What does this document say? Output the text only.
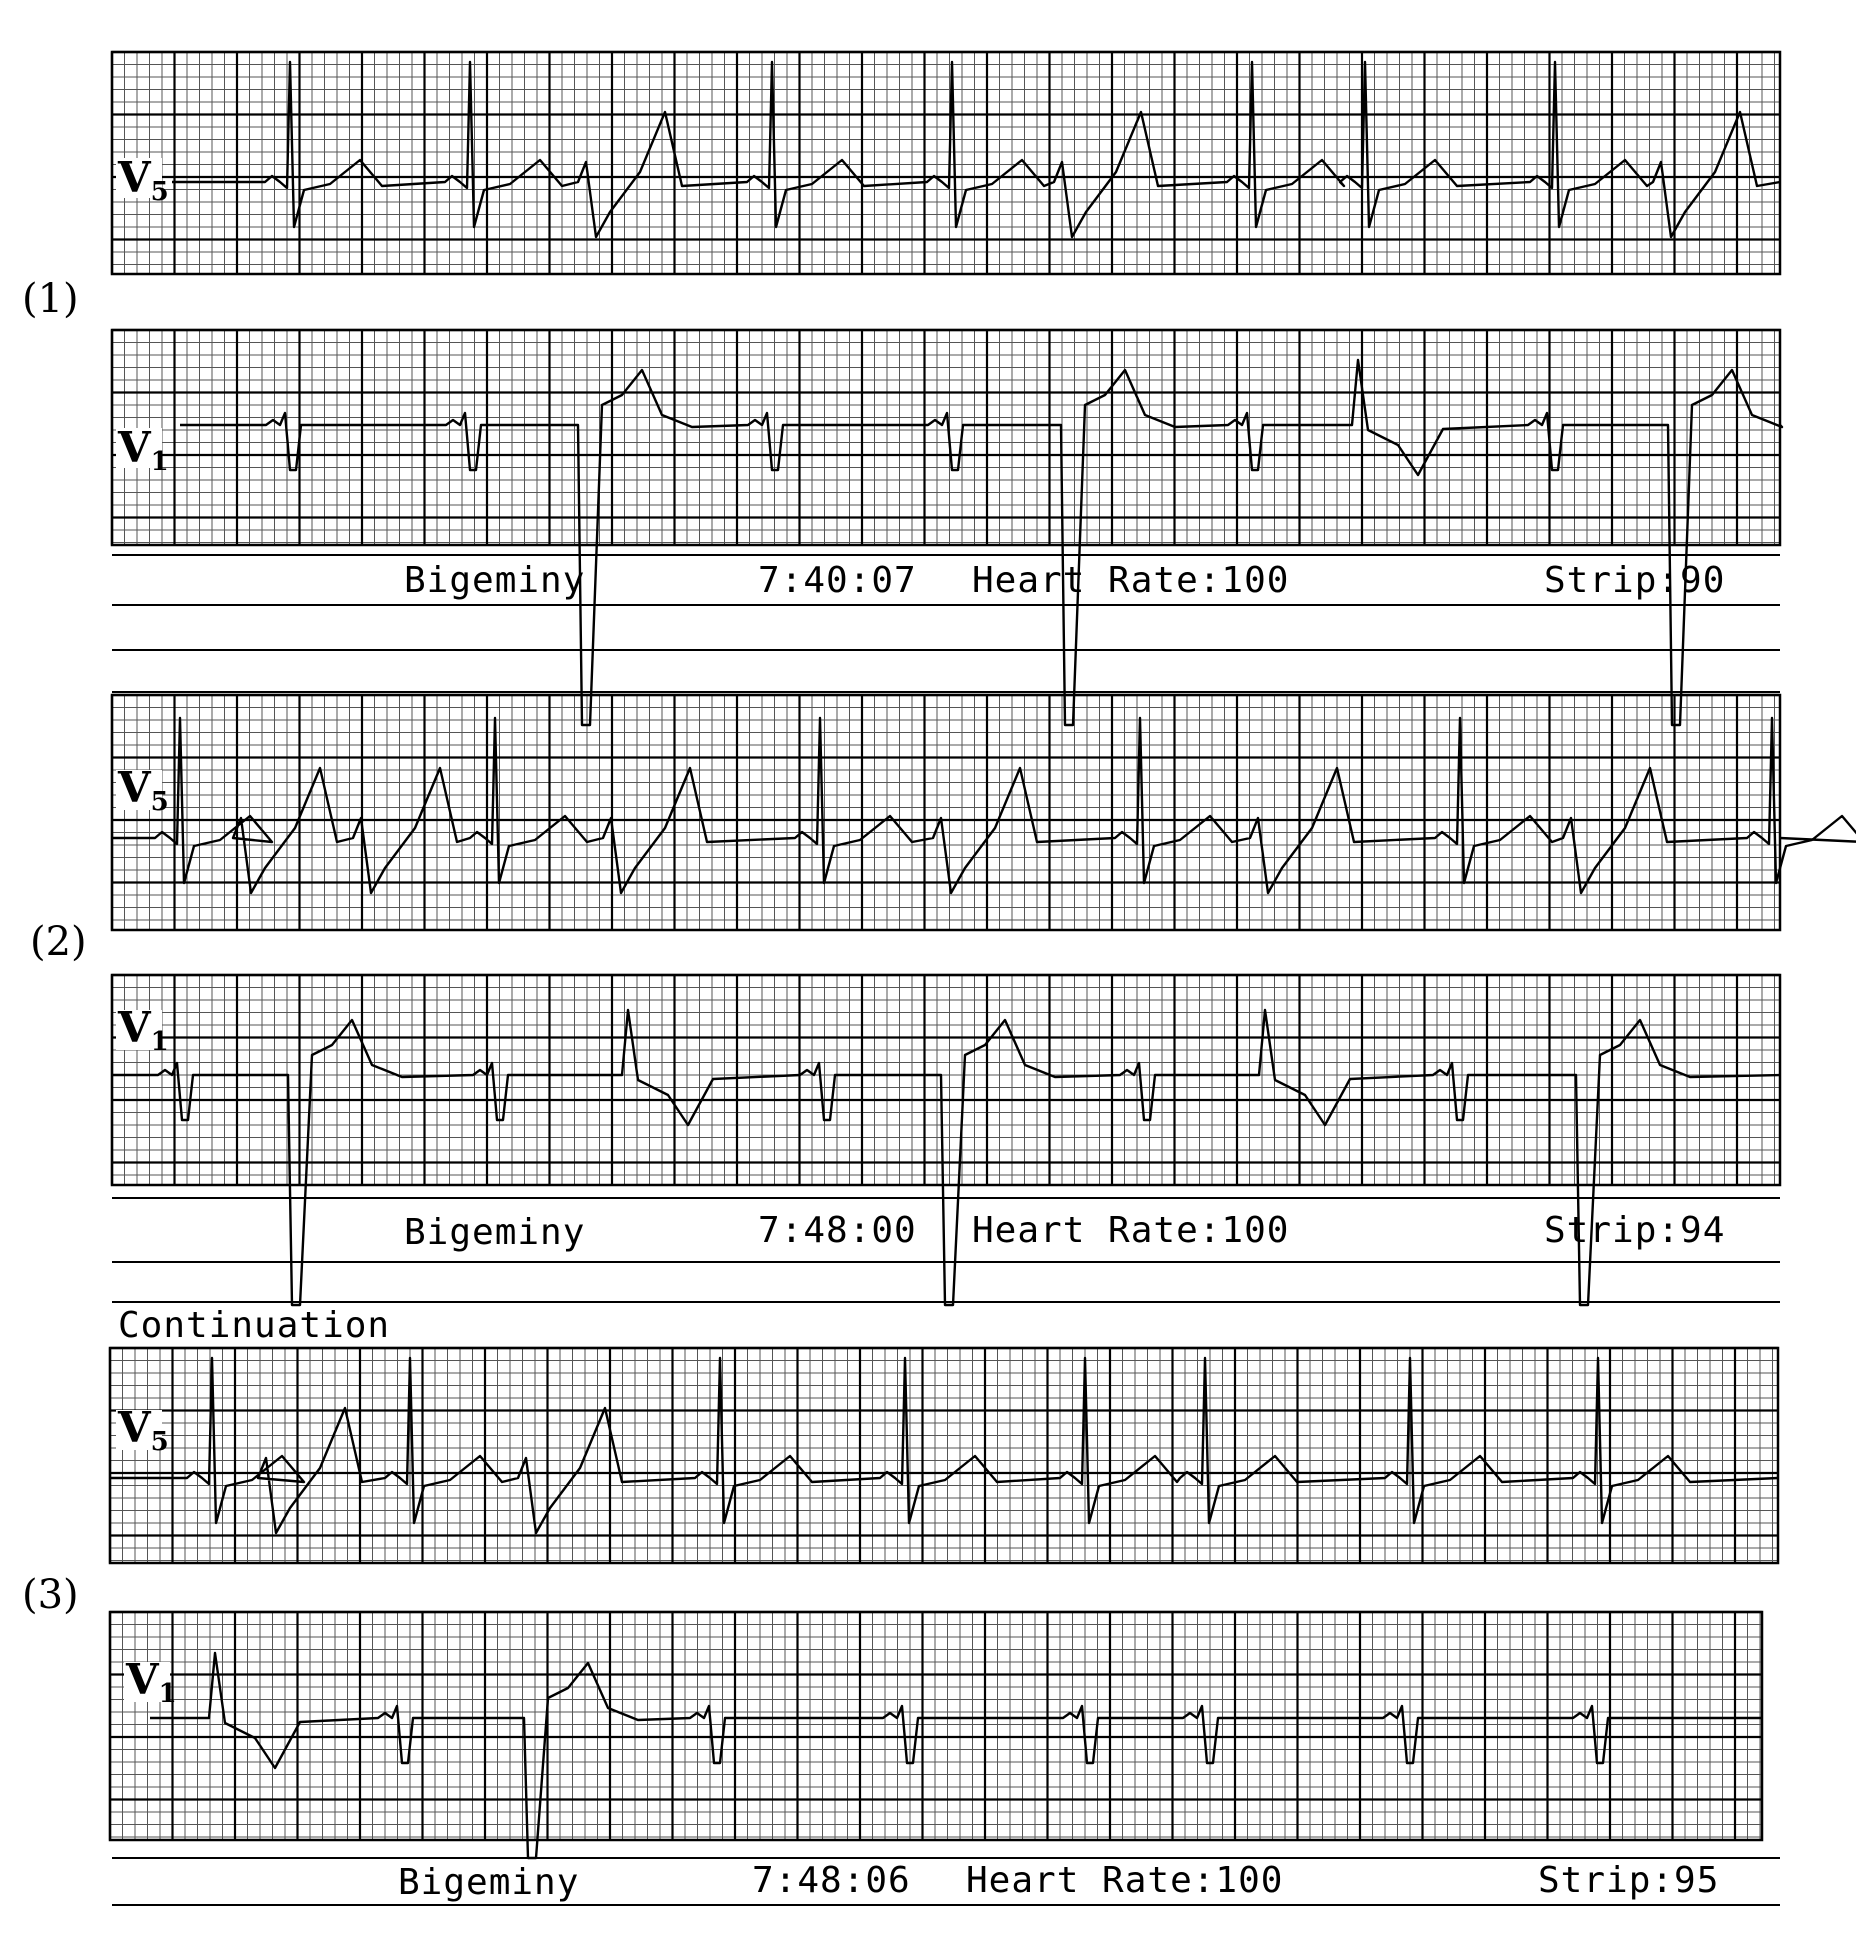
(1)
(2)
(3)
V5
V1
V5
V1
V5
V1
Bigeminy	7:40:07 Heart Rate:100	Strip:90
Bigeminy	7:48:00 Heart Rate:100	Strip:94
Continuation
Bigeminy	7:48:06 Heart Rate:100	Strip:95
